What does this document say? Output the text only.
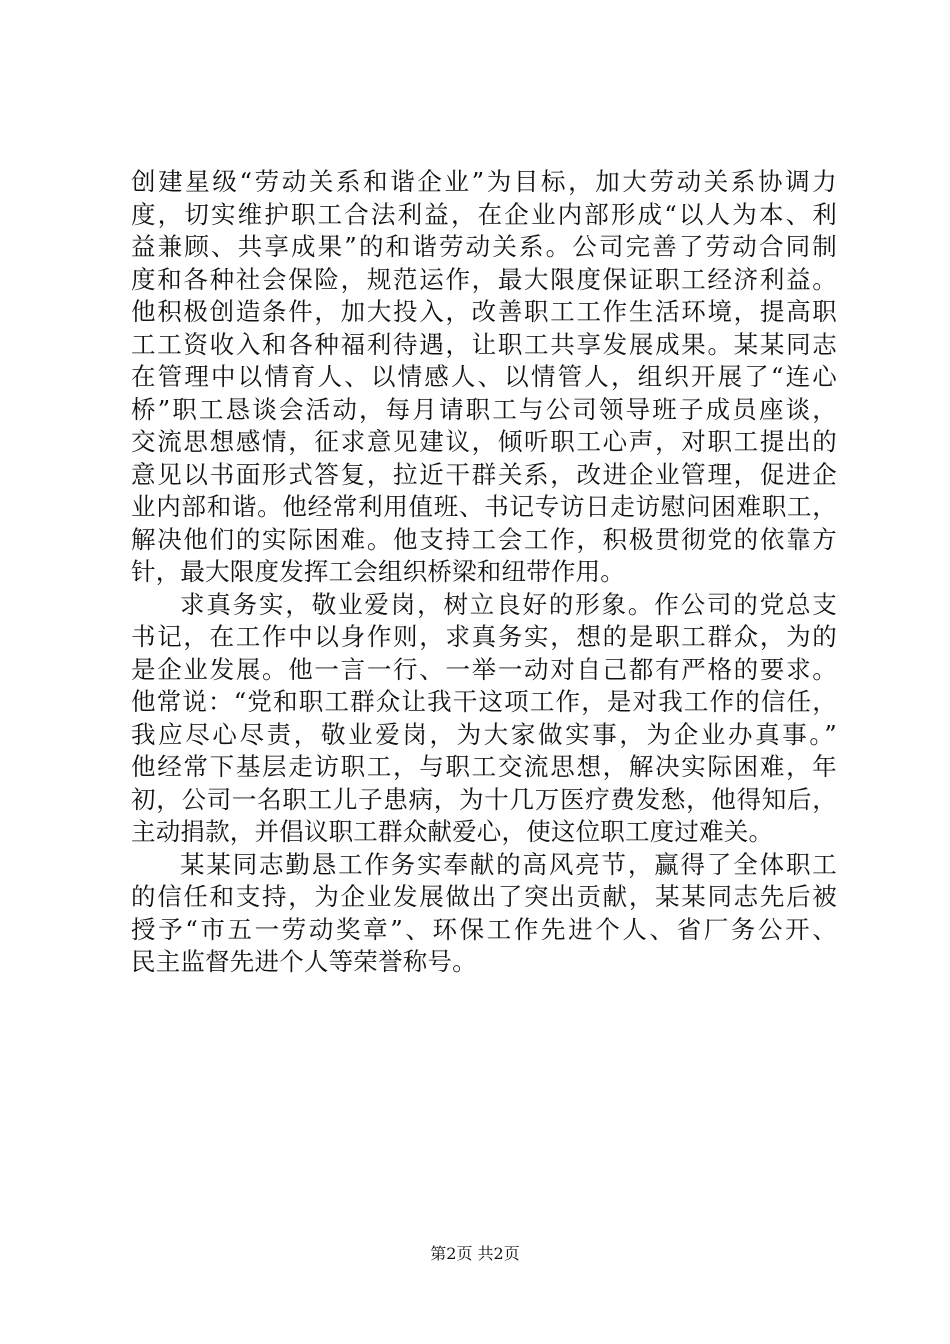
创建星级“劳动关系和谐企业”为目标，加大劳动关系协调力
度，切实维护职工合法利益，在企业内部形成“以人为本、利
益兼顾、共享成果”的和谐劳动关系。公司完善了劳动合同制
度和各种社会保险，规范运作，最大限度保证职工经济利益。
他积极创造条件，加大投入，改善职工工作生活环境，提高职
工工资收入和各种福利待遇，让职工共享发展成果。某某同志
在管理中以情育人、以情感人、以情管人，组织开展了“连心
桥”职工恳谈会活动，每月请职工与公司领导班子成员座谈，
交流思想感情，征求意见建议，倾听职工心声，对职工提出的
意见以书面形式答复，拉近干群关系，改进企业管理，促进企
业内部和谐。他经常利用值班、书记专访日走访慰问困难职工，
解决他们的实际困难。他支持工会工作，积极贯彻党的依靠方
针，最大限度发挥工会组织桥梁和纽带作用。
求真务实，敬业爱岗，树立良好的形象。作公司的党总支
书记，在工作中以身作则，求真务实，想的是职工群众，为的
是企业发展。他一言一行、一举一动对自己都有严格的要求。
他常说：“党和职工群众让我干这项工作，是对我工作的信任，
我应尽心尽责，敬业爱岗，为大家做实事，为企业办真事。”
他经常下基层走访职工，与职工交流思想，解决实际困难，年
初，公司一名职工儿子患病，为十几万医疗费发愁，他得知后，
主动捐款，并倡议职工群众献爱心，使这位职工度过难关。
某某同志勤恳工作务实奉献的高风亮节，赢得了全体职工
的信任和支持，为企业发展做出了突出贡献，某某同志先后被
授予“市五一劳动奖章”、环保工作先进个人、省厂务公开、
民主监督先进个人等荣誉称号。
第2页 共2页
